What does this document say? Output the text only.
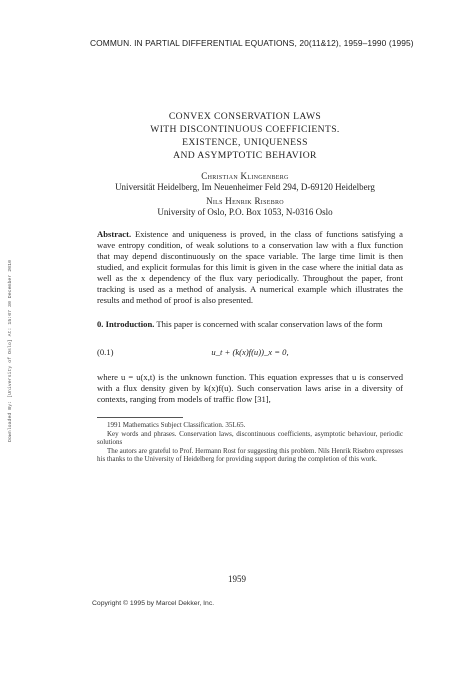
COMMUN. IN PARTIAL DIFFERENTIAL EQUATIONS, 20(11&12), 1959–1990 (1995)
CONVEX CONSERVATION LAWS
WITH DISCONTINUOUS COEFFICIENTS.
EXISTENCE, UNIQUENESS
AND ASYMPTOTIC BEHAVIOR
Christian Klingenberg
Universität Heidelberg, Im Neuenheimer Feld 294, D-69120 Heidelberg
Nils Henrik Risebro
University of Oslo, P.O. Box 1053, N-0316 Oslo
Abstract. Existence and uniqueness is proved, in the class of functions satisfying a wave entropy condition, of weak solutions to a conservation law with a flux function that may depend discontinuously on the space variable. The large time limit is then studied, and explicit formulas for this limit is given in the case where the initial data as well as the x dependency of the flux vary periodically. Throughout the paper, front tracking is used as a method of analysis. A numerical example which illustrates the results and method of proof is also presented.
0. Introduction. This paper is concerned with scalar conservation laws of the form
(0.1)	u_t + (k(x)f(u))_x = 0,
where u = u(x,t) is the unknown function. This equation expresses that u is conserved with a flux density given by k(x)f(u). Such conservation laws arise in a diversity of contexts, ranging from models of traffic flow [31],

1991 Mathematics Subject Classification. 35L65.

Key words and phrases. Conservation laws, discontinuous coefficients, asymptotic behaviour, periodic solutions

The autors are grateful to Prof. Hermann Rost for suggesting this problem. Nils Henrik Risebro expresses his thanks to the University of Heidelberg for providing support during the completion of this work.

1959
Copyright © 1995 by Marcel Dekker, Inc.
Downloaded By: [University of Oslo] At: 15:07 30 December 2010
